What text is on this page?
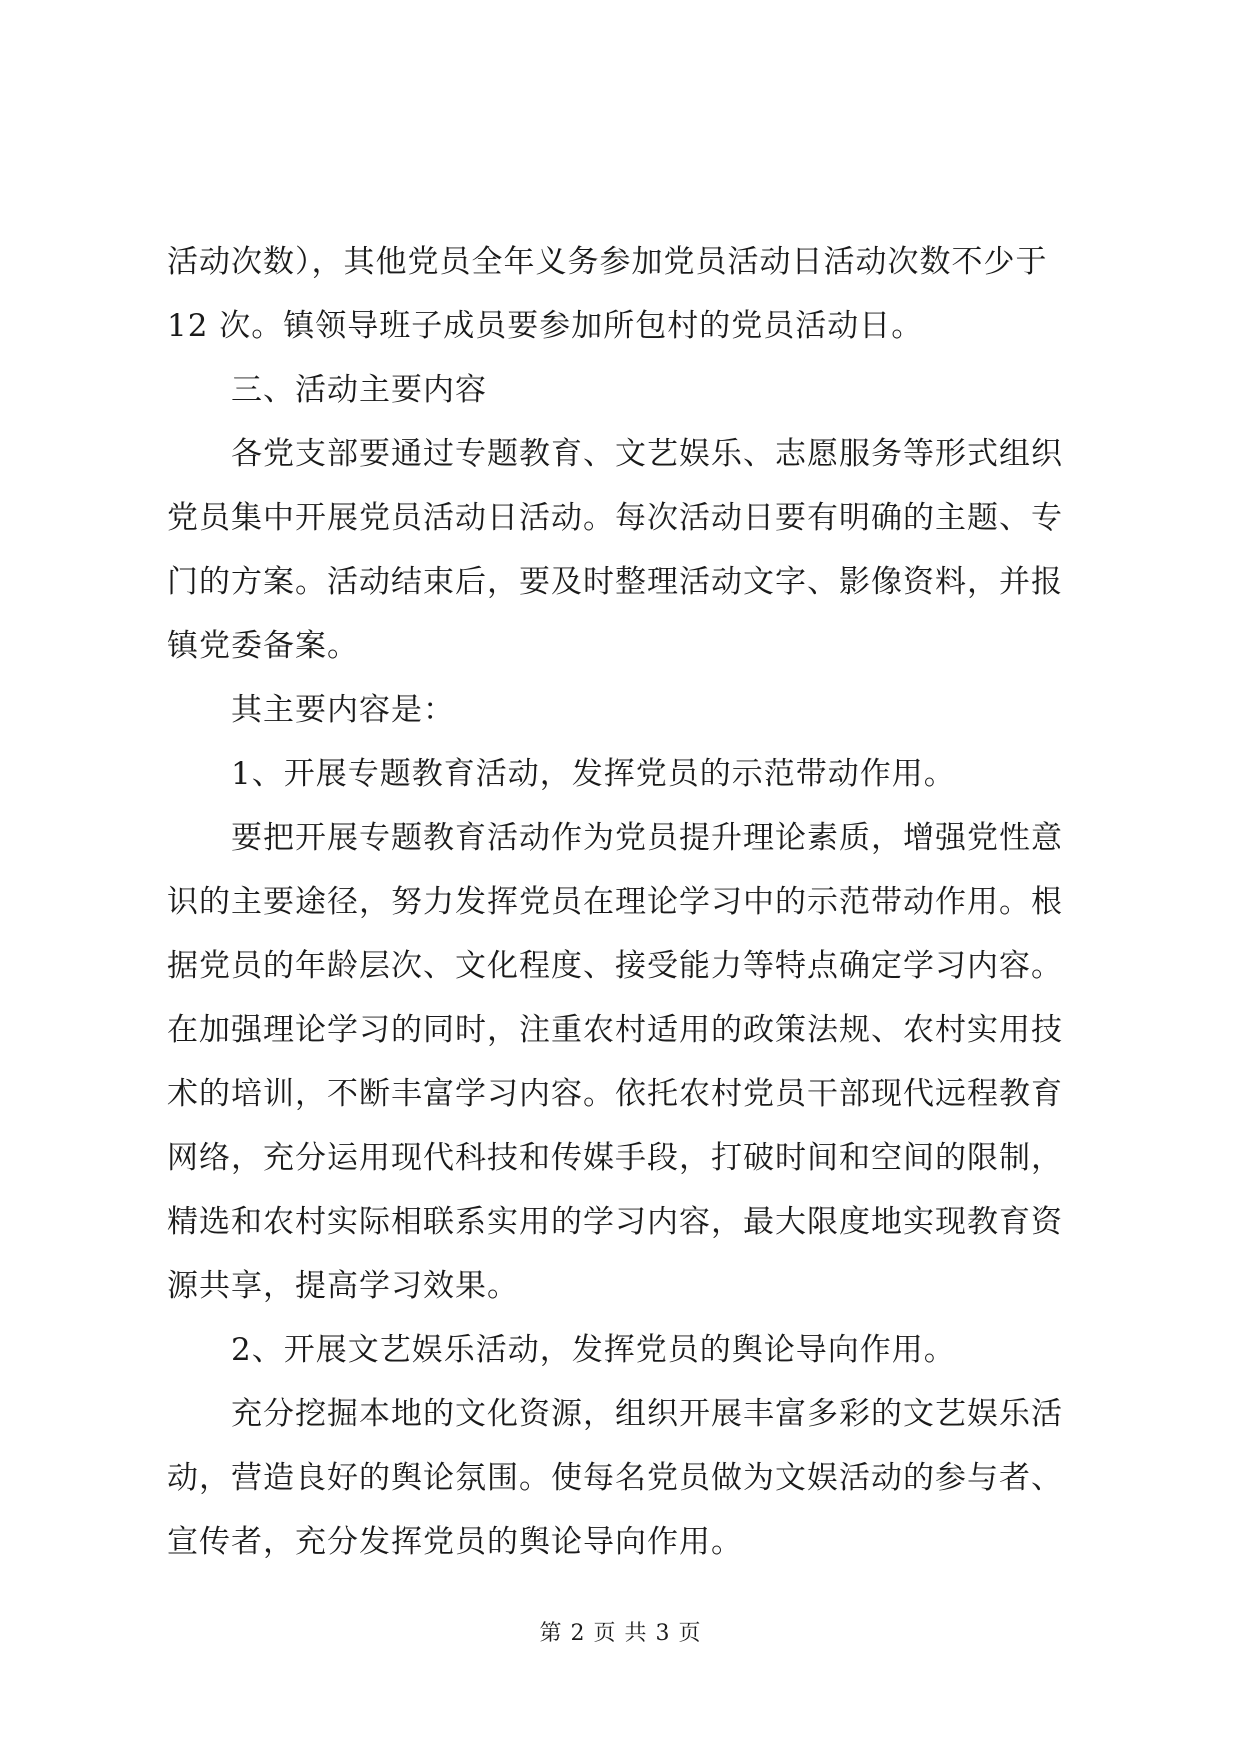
活动次数），其他党员全年义务参加党员活动日活动次数不少于
12 次。镇领导班子成员要参加所包村的党员活动日。
三、活动主要内容
各党支部要通过专题教育、文艺娱乐、志愿服务等形式组织
党员集中开展党员活动日活动。每次活动日要有明确的主题、专
门的方案。活动结束后，要及时整理活动文字、影像资料，并报
镇党委备案。
其主要内容是：
1、开展专题教育活动，发挥党员的示范带动作用。
要把开展专题教育活动作为党员提升理论素质，增强党性意
识的主要途径，努力发挥党员在理论学习中的示范带动作用。根
据党员的年龄层次、文化程度、接受能力等特点确定学习内容。
在加强理论学习的同时，注重农村适用的政策法规、农村实用技
术的培训，不断丰富学习内容。依托农村党员干部现代远程教育
网络，充分运用现代科技和传媒手段，打破时间和空间的限制，
精选和农村实际相联系实用的学习内容，最大限度地实现教育资
源共享，提高学习效果。
2、开展文艺娱乐活动，发挥党员的舆论导向作用。
充分挖掘本地的文化资源，组织开展丰富多彩的文艺娱乐活
动，营造良好的舆论氛围。使每名党员做为文娱活动的参与者、
宣传者，充分发挥党员的舆论导向作用。

第 2 页 共 3 页
